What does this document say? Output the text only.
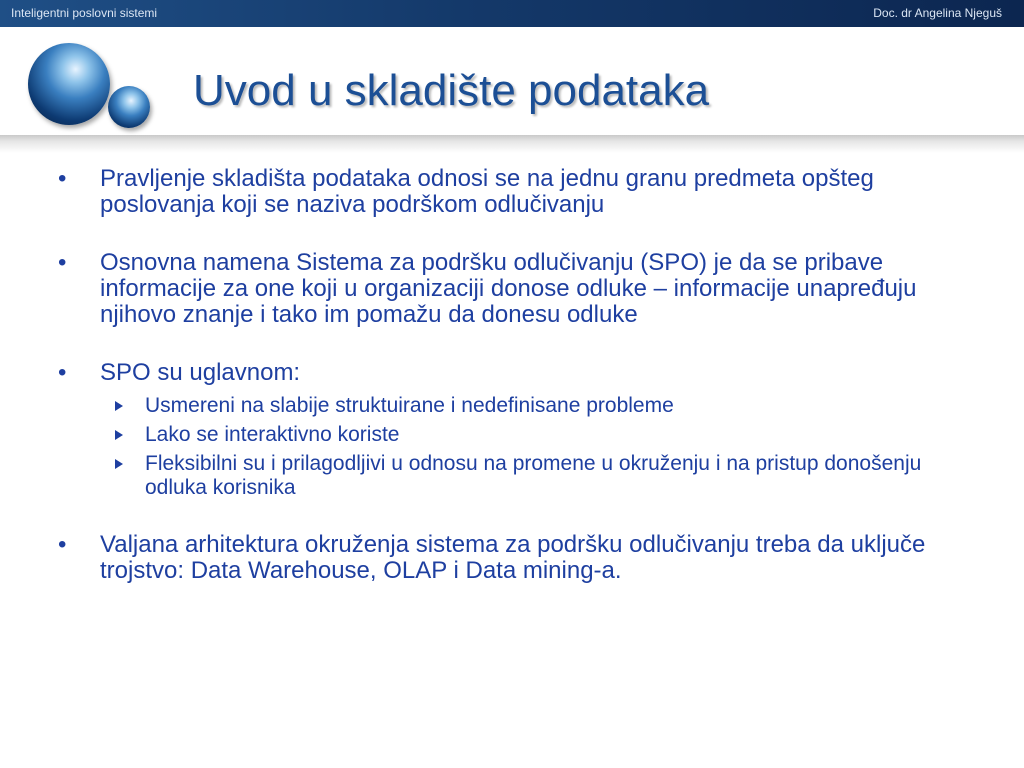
Inteligentni poslovni sistemi	Doc. dr Angelina Njeguš
Uvod u skladište podataka
• Pravljenje skladišta podataka odnosi se na jednu granu predmeta opšteg poslovanja koji se naziva podrškom odlučivanju
• Osnovna namena Sistema za podršku odlučivanju (SPO) je da se pribave informacije za one koji u organizaciji donose odluke – informacije unapređuju njihovo znanje i tako im pomažu da donesu odluke
• SPO su uglavnom:
Usmereni na slabije struktuirane i nedefinisane probleme
Lako se interaktivno koriste
Fleksibilni su i prilagodljivi u odnosu na promene u okruženju i na pristup donošenju odluka korisnika
• Valjana arhitektura okruženja sistema za podršku odlučivanju treba da uključe trojstvo: Data Warehouse, OLAP i Data mining-a.
